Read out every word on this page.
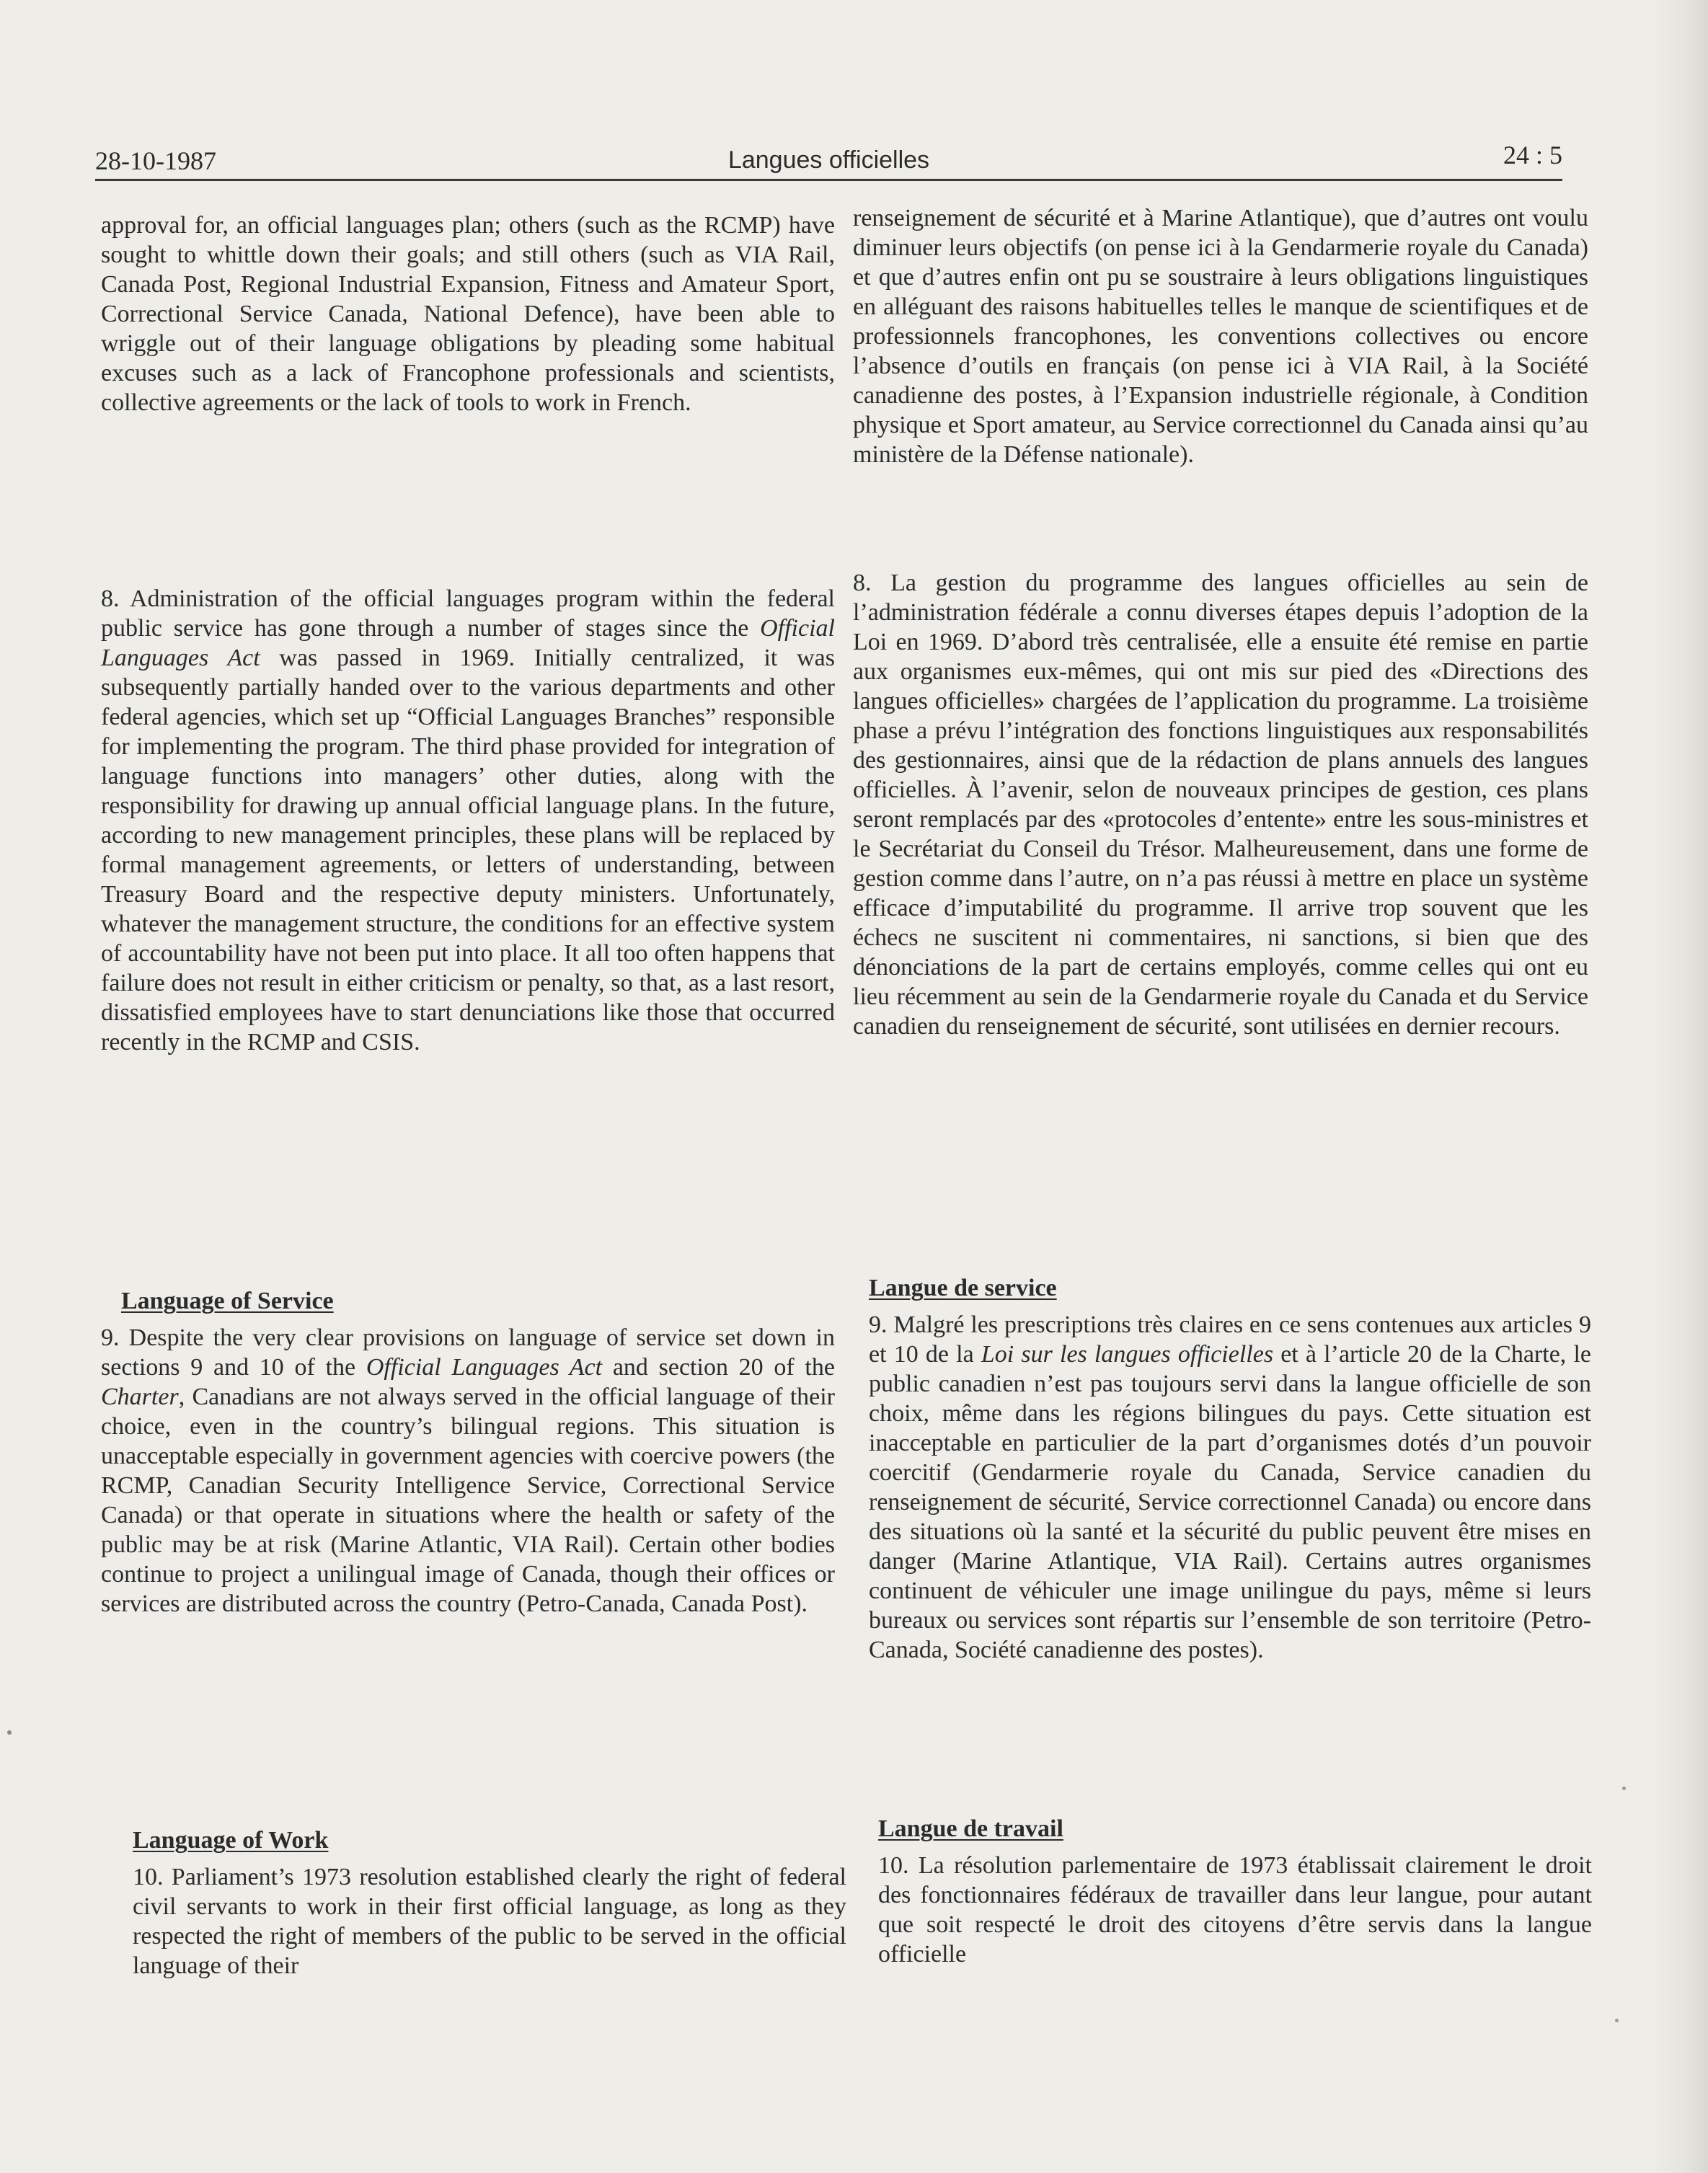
28-10-1987	Langues officielles	24 : 5

approval for, an official languages plan; others (such as the RCMP) have sought to whittle down their goals; and still others (such as VIA Rail, Canada Post, Regional Industrial Expansion, Fitness and Amateur Sport, Correctional Service Canada, National Defence), have been able to wriggle out of their language obligations by pleading some habitual excuses such as a lack of Francophone professionals and scientists, collective agreements or the lack of tools to work in French.

8. Administration of the official languages program within the federal public service has gone through a number of stages since the Official Languages Act was passed in 1969. Initially centralized, it was subsequently partially handed over to the various departments and other federal agencies, which set up “Official Languages Branches” responsible for implementing the program. The third phase provided for integration of language functions into managers’ other duties, along with the responsibility for drawing up annual official language plans. In the future, according to new management principles, these plans will be replaced by formal management agreements, or letters of understanding, between Treasury Board and the respective deputy ministers. Unfortunately, whatever the management structure, the conditions for an effective system of accountability have not been put into place. It all too often happens that failure does not result in either criticism or penalty, so that, as a last resort, dissatisfied employees have to start denunciations like those that occurred recently in the RCMP and CSIS.

Language of Service

9. Despite the very clear provisions on language of service set down in sections 9 and 10 of the Official Languages Act and section 20 of the Charter, Canadians are not always served in the official language of their choice, even in the country’s bilingual regions. This situation is unacceptable especially in government agencies with coercive powers (the RCMP, Canadian Security Intelligence Service, Correctional Service Canada) or that operate in situations where the health or safety of the public may be at risk (Marine Atlantic, VIA Rail). Certain other bodies continue to project a unilingual image of Canada, though their offices or services are distributed across the country (Petro-Canada, Canada Post).

Language of Work

10. Parliament’s 1973 resolution established clearly the right of federal civil servants to work in their first official language, as long as they respected the right of members of the public to be served in the official language of their

renseignement de sécurité et à Marine Atlantique), que d’autres ont voulu diminuer leurs objectifs (on pense ici à la Gendarmerie royale du Canada) et que d’autres enfin ont pu se soustraire à leurs obligations linguistiques en alléguant des raisons habituelles telles le manque de scientifiques et de professionnels francophones, les conventions collectives ou encore l’absence d’outils en français (on pense ici à VIA Rail, à la Société canadienne des postes, à l’Expansion industrielle régionale, à Condition physique et Sport amateur, au Service correctionnel du Canada ainsi qu’au ministère de la Défense nationale).

8. La gestion du programme des langues officielles au sein de l’administration fédérale a connu diverses étapes depuis l’adoption de la Loi en 1969. D’abord très centralisée, elle a ensuite été remise en partie aux organismes eux-mêmes, qui ont mis sur pied des «Directions des langues officielles» chargées de l’application du programme. La troisième phase a prévu l’intégration des fonctions linguistiques aux responsabilités des gestionnaires, ainsi que de la rédaction de plans annuels des langues officielles. À l’avenir, selon de nouveaux principes de gestion, ces plans seront remplacés par des «protocoles d’entente» entre les sous-ministres et le Secrétariat du Conseil du Trésor. Malheureusement, dans une forme de gestion comme dans l’autre, on n’a pas réussi à mettre en place un système efficace d’imputabilité du programme. Il arrive trop souvent que les échecs ne suscitent ni commentaires, ni sanctions, si bien que des dénonciations de la part de certains employés, comme celles qui ont eu lieu récemment au sein de la Gendarmerie royale du Canada et du Service canadien du renseignement de sécurité, sont utilisées en dernier recours.

Langue de service

9. Malgré les prescriptions très claires en ce sens contenues aux articles 9 et 10 de la Loi sur les langues officielles et à l’article 20 de la Charte, le public canadien n’est pas toujours servi dans la langue officielle de son choix, même dans les régions bilingues du pays. Cette situation est inacceptable en particulier de la part d’organismes dotés d’un pouvoir coercitif (Gendarmerie royale du Canada, Service canadien du renseignement de sécurité, Service correctionnel Canada) ou encore dans des situations où la santé et la sécurité du public peuvent être mises en danger (Marine Atlantique, VIA Rail). Certains autres organismes continuent de véhiculer une image unilingue du pays, même si leurs bureaux ou services sont répartis sur l’ensemble de son territoire (Petro-Canada, Société canadienne des postes).

Langue de travail

10. La résolution parlementaire de 1973 établissait clairement le droit des fonctionnaires fédéraux de travailler dans leur langue, pour autant que soit respecté le droit des citoyens d’être servis dans la langue officielle
